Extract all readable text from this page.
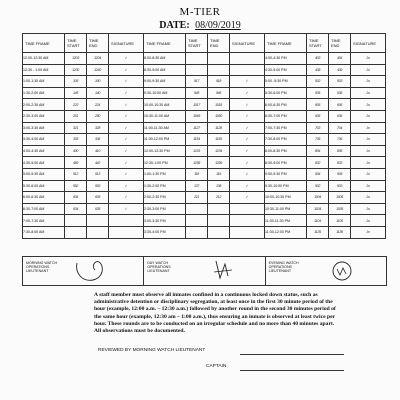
M-TIER
DATE: 08/09/2019
TIME FRAME	TIME START	TIME END	SIGNATURE	TIME FRAME	TIME START	TIME END	SIGNATURE	TIME FRAME	TIME START	TIME END	SIGNATURE
12:00-12:30 AM	1203	1204	✓	8:00-8:30 AM				4:00-4:30 PM	403	404	Jn
12:30 - 1:00 AM	1230	1240	✓	8:30-9:00 AM				4:30-5:00 PM	438	439	Jn
1:00-1:30 AM	105	100	✓	9:00-9:30 AM	917	918	✓	5:00 -5:30 PM	502	503	Jn
1:30-2:00 AM	145	140	✓	9:30-10:00 AM	945	946	✓	5:30-6:00 PM	535	536	Jn
2:00-2:30 AM	223	224	✓	10:00-10:30 AM	1017	1018	✓	6:00-6:30 PM	605	606	Jn
2:30-3:00 AM	251	250	✓	10:30-11:00 AM	1049	1050	✓	6:30-7:00 PM	635	636	Jn
3:00-3:30 AM	321	328	✓	11:00-11:30 AM	1127	1128	✓	7:00-7:30 PM	703	704	Jn
3:30-4:00 AM	335	336	✓	11:30-12:00 PM	1154	1155	✓	7:30-8:00 PM	735	736	Jn
4:00-4:30 AM	400	410	✓	12:00-12:30 PM	1233	1234	✓	8:00-8:30 PM	804	805	Jn
4:30-5:00 AM	459	442	✓	12:30-1:00 PM	1258	1259	✓	8:30-9:00 PM	832	833	Jn
5:00-5:30 AM	512	513	✓	1:00-1:30 PM	118	119	✓	9:00-9:30 PM	904	905	Jn
5:30-6:00 AM	552	553	✓	1:30-2:00 PM	137	138	✓	9:30-10:00 PM	932	933	Jn
6:00-6:30 AM	604	605	✓	2:00-2:30 PM	211	212	✓	10:00-10:30 PM	1004	1005	Jn
6:30-7:00 AM	634	635	✓	2:30-3:00 PM				10:30-11:00 PM	1034	1035	Jn
7:00-7:30 AM				3:00-3:30 PM				11:00-11:30 PM	1104	1105	Jn
7:30-8:00 AM				3:30-4:00 PM				11:30-12:00 PM	1135	1136	Jn
MORNING WATCH OPERATIONS LIEUTENANT
DAY WATCH OPERATIONS LIEUTENANT
EVENING WATCH OPERATIONS LIEUTENANT
A staff member must observe all inmates confined in a continuous locked down status, such as administrative detention or disciplinary segregation, at least once in the first 30 minute period of the hour (example, 12:00 a.m. – 12:30 a.m.) followed by another round in the second 30 minutes period of the same hour (example, 12:30 am – 1:00 a.m.), thus ensuring an inmate is observed at least twice per hour. These rounds are to be conducted on an irregular schedule and no more than 40 minutes apart. All observations must be documented.
REVIEWED BY MORNING WATCH LIEUTENANT
CAPTAIN
